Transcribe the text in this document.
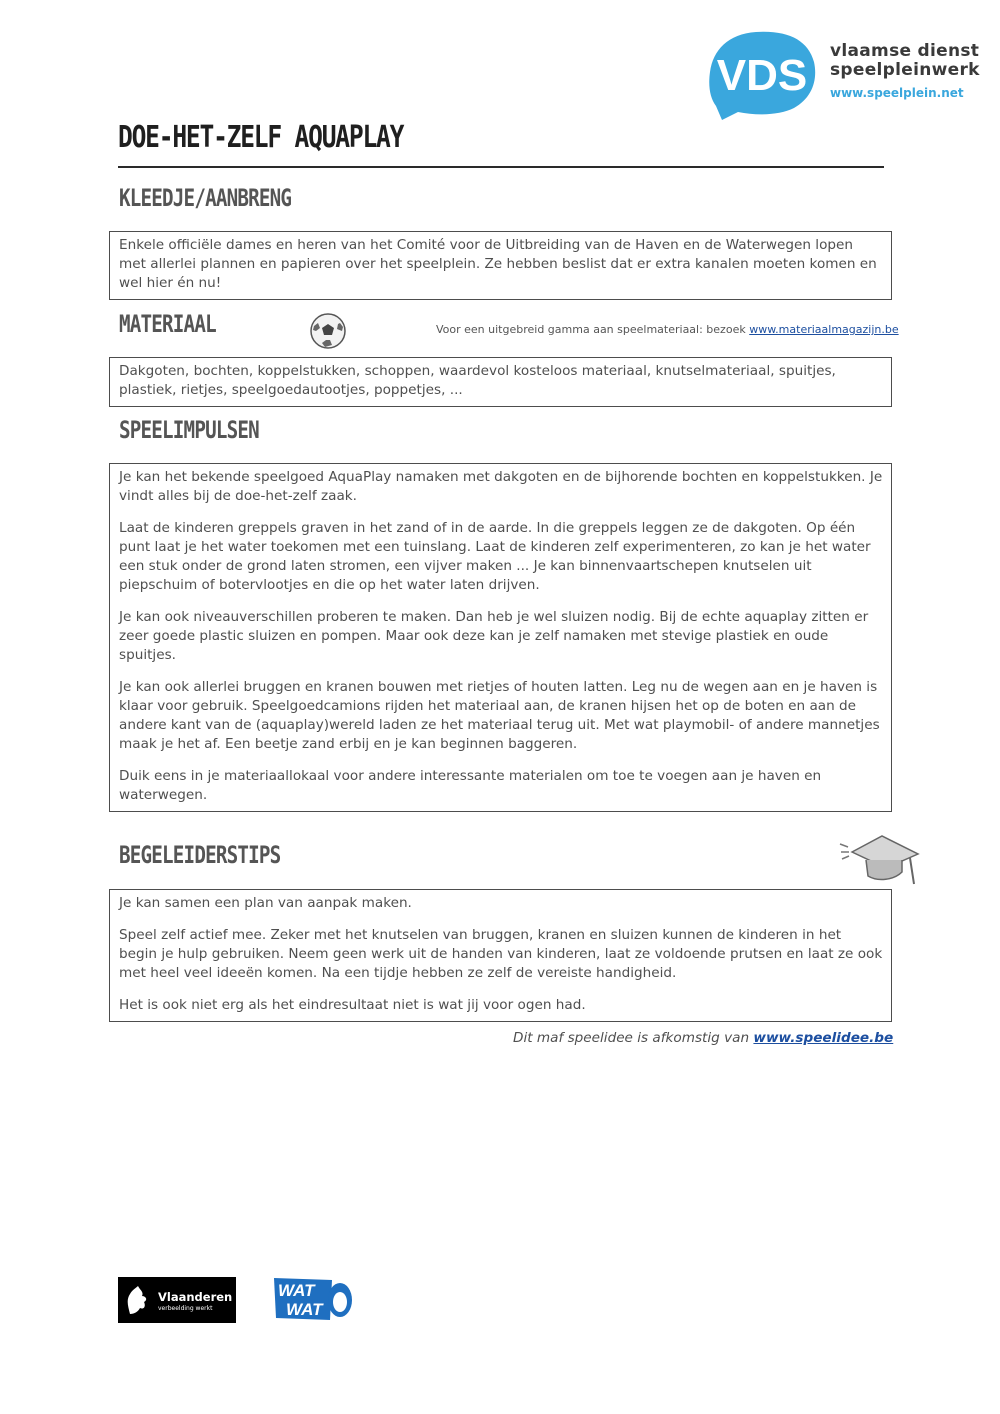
VDS vlaamse dienst
speelpleinwerk
www.speelplein.net
DOE-HET-ZELF AQUAPLAY
KLEEDJE/AANBRENG

Enkele officiële dames en heren van het Comité voor de Uitbreiding van de Haven en de Waterwegen lopen met allerlei plannen en papieren over het speelplein. Ze hebben beslist dat er extra kanalen moeten komen en wel hier én nu!

MATERIAAL	Voor een uitgebreid gamma aan speelmateriaal: bezoek www.materiaalmagazijn.be

Dakgoten, bochten, koppelstukken, schoppen, waardevol kosteloos materiaal, knutselmateriaal, spuitjes, plastiek, rietjes, speelgoedautootjes, poppetjes, ...

SPEELIMPULSEN

Je kan het bekende speelgoed AquaPlay namaken met dakgoten en de bijhorende bochten en koppelstukken. Je vindt alles bij de doe-het-zelf zaak.

Laat de kinderen greppels graven in het zand of in de aarde. In die greppels leggen ze de dakgoten. Op één punt laat je het water toekomen met een tuinslang. Laat de kinderen zelf experimenteren, zo kan je het water een stuk onder de grond laten stromen, een vijver maken ... Je kan binnenvaartschepen knutselen uit piepschuim of botervlootjes en die op het water laten drijven.

Je kan ook niveauverschillen proberen te maken. Dan heb je wel sluizen nodig. Bij de echte aquaplay zitten er zeer goede plastic sluizen en pompen. Maar ook deze kan je zelf namaken met stevige plastiek en oude spuitjes.

Je kan ook allerlei bruggen en kranen bouwen met rietjes of houten latten. Leg nu de wegen aan en je haven is klaar voor gebruik. Speelgoedcamions rijden het materiaal aan, de kranen hijsen het op de boten en aan de andere kant van de (aquaplay)wereld laden ze het materiaal terug uit. Met wat playmobil- of andere mannetjes maak je het af. Een beetje zand erbij en je kan beginnen baggeren.

Duik eens in je materiaallokaal voor andere interessante materialen om toe te voegen aan je haven en waterwegen.

BEGELEIDERSTIPS

Je kan samen een plan van aanpak maken.

Speel zelf actief mee. Zeker met het knutselen van bruggen, kranen en sluizen kunnen de kinderen in het begin je hulp gebruiken. Neem geen werk uit de handen van kinderen, laat ze voldoende prutsen en laat ze ook met heel veel ideeën komen. Na een tijdje hebben ze zelf de vereiste handigheid.

Het is ook niet erg als het eindresultaat niet is wat jij voor ogen had.

Dit maf speelidee is afkomstig van www.speelidee.be
Vlaanderen
verbeelding werkt
WAT
WAT
